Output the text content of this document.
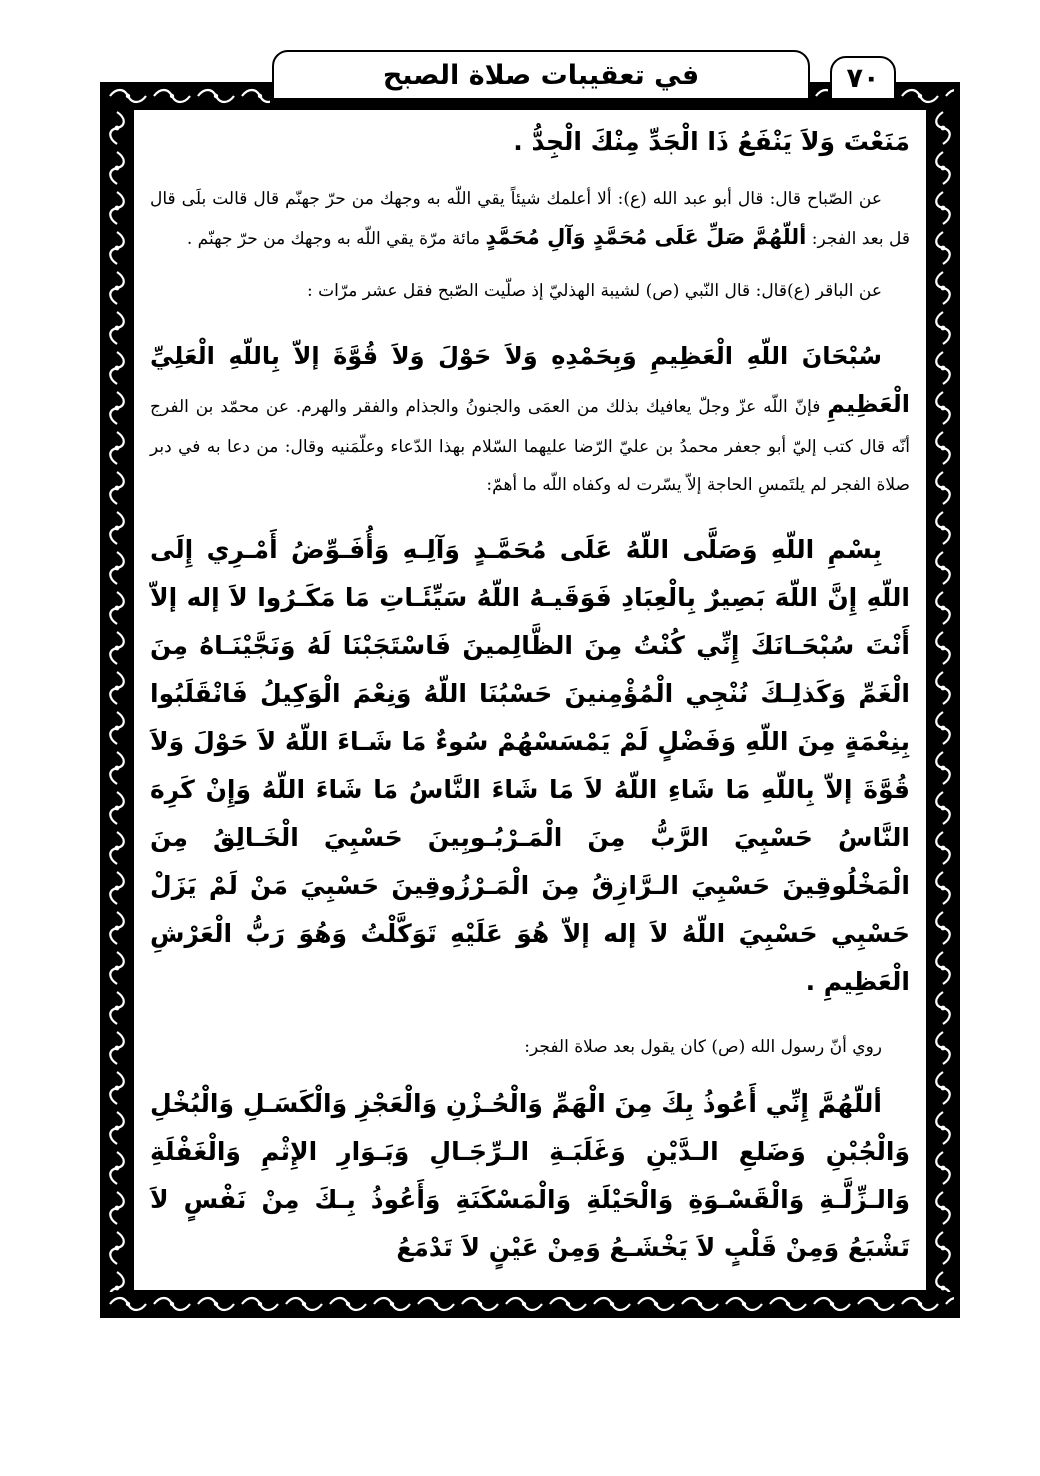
في تعقيبات صلاة الصبح	٧٠

مَنَعْتَ وَلاَ يَنْفَعُ ذَا الْجَدِّ مِنْكَ الْجِدُّ .

عن الصّباح قال: قال أبو عبد الله (ع): ألا أعلمك شيئاً يقي اللّه به وجهك من حرّ جهنّم قال قالت بلَى قال قل بعد الفجر: أللّهُمَّ صَلِّ عَلَى مُحَمَّدٍ وَآلِ مُحَمَّدٍ مائة مرّة يقي اللّه به وجهك من حرّ جهنّم .

عن الباقر (ع)قال: قال النّبي (ص) لشيبة الهذليّ إذ صلّيت الصّبح فقل عشر مرّات :

سُبْحَانَ اللّهِ الْعَظِيمِ وَبِحَمْدِهِ وَلاَ حَوْلَ وَلاَ قُوَّةَ إلاّ بِاللّهِ الْعَلِيِّ الْعَظِيمِ فإنّ اللّه عزّ وجلّ يعافيك بذلك من العمَى والجنونُ والجذام والفقر والهرم. عن محمّد بن الفرج أنّه قال كتب إليّ أبو جعفر محمدُ بن عليّ الرّضا عليهما السّلام بهذا الدّعاء وعلّمَنيه وقال: من دعا به في دبر صلاة الفجر لم يلتَمسِ الحاجة إلاّ يسّرت له وكفاه اللّه ما أهمّ:

بِسْمِ اللّهِ وَصَلَّى اللّهُ عَلَى مُحَمَّـدٍ وَآلِـهِ وَأُفَـوِّضُ أَمْـرِي إِلَى اللّهِ إِنَّ اللّهَ بَصِيرٌ بِالْعِبَادِ فَوَقَيـهُ اللّهُ سَيِّئَـاتِ مَا مَكَـرُوا لاَ إله إلاّ أَنْتَ سُبْحَـانَكَ إِنِّي كُنْتُ مِنَ الظَّالِمينَ فَاسْتَجَبْنَا لَهُ وَنَجَّيْنَـاهُ مِنَ الْغَمِّ وَكَذلِـكَ نُنْجِي الْمُؤْمِنينَ حَسْبُنَا اللّهُ وَنِعْمَ الْوَكِيلُ فَانْقَلَبُوا بِنِعْمَةٍ مِنَ اللّهِ وَفَضْلٍ لَمْ يَمْسَسْهُمْ سُوءٌ مَا شَـاءَ اللّهُ لاَ حَوْلَ وَلاَ قُوَّةَ إلاّ بِاللّهِ مَا شَاءِ اللّهُ لاَ مَا شَاءَ النَّاسُ مَا شَاءَ اللّهُ وَإِنْ كَرِهَ النَّاسُ حَسْبِيَ الرَّبُّ مِنَ الْمَـرْبُـوبِينَ حَسْبِيَ الْخَـالِقُ مِنَ الْمَخْلُوقِينَ حَسْبِيَ الـرَّازِقُ مِنَ الْمَـرْزُوقِينَ حَسْبِيَ مَنْ لَمْ يَزَلْ حَسْبِي حَسْبِيَ اللّهُ لاَ إله إلاّ هُوَ عَلَيْهِ تَوَكَّلْتُ وَهُوَ رَبُّ الْعَرْشِ الْعَظِيمِ .

روي أنّ رسول الله (ص) كان يقول بعد صلاة الفجر:

أللّهُمَّ إِنِّي أَعُوذُ بِكَ مِنَ الْهَمِّ وَالْحُـزْنِ وَالْعَجْزِ وَالْكَسَـلِ وَالْبُخْلِ وَالْجُبْنِ وَضَلعِ الـدَّيْنِ وَغَلَبَـةِ الـرِّجَـالِ وَبَـوَارِ الإِثْمِ وَالْغَفْلَةِ وَالـزِّلَّـةِ وَالْقَسْـوَةِ وَالْحَيْلَةِ وَالْمَسْكَنَةِ وَأَعُوذُ بِـكَ مِنْ نَفْسٍ لاَ تَشْبَعُ وَمِنْ قَلْبٍ لاَ يَخْشَـعُ وَمِنْ عَيْنٍ لاَ تَدْمَعُ
